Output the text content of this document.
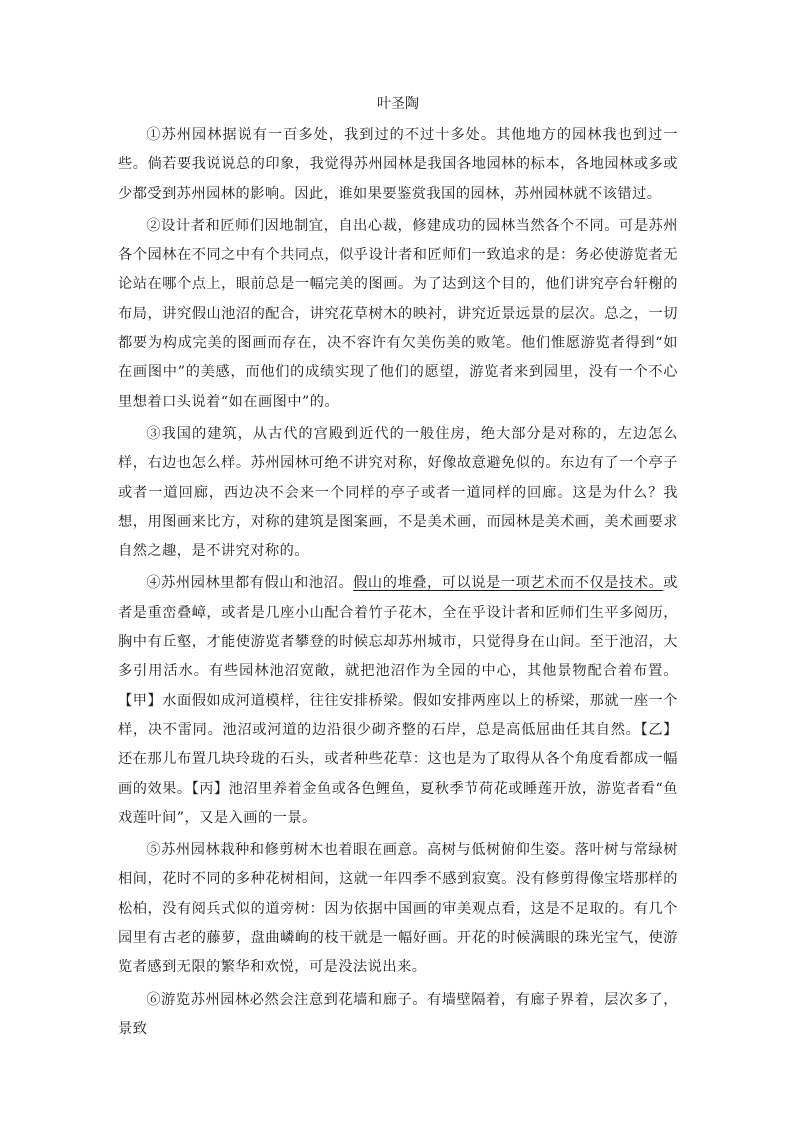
叶圣陶

①苏州园林据说有一百多处，我到过的不过十多处。其他地方的园林我也到过一些。倘若要我说说总的印象，我觉得苏州园林是我国各地园林的标本，各地园林或多或少都受到苏州园林的影响。因此，谁如果要鉴赏我国的园林，苏州园林就不该错过。

②设计者和匠师们因地制宜，自出心裁，修建成功的园林当然各个不同。可是苏州各个园林在不同之中有个共同点，似乎设计者和匠师们一致追求的是：务必使游览者无论站在哪个点上，眼前总是一幅完美的图画。为了达到这个目的，他们讲究亭台轩榭的布局，讲究假山池沼的配合，讲究花草树木的映衬，讲究近景远景的层次。总之，一切都要为构成完美的图画而存在，决不容许有欠美伤美的败笔。他们惟愿游览者得到“如在画图中”的美感，而他们的成绩实现了他们的愿望，游览者来到园里，没有一个不心里想着口头说着“如在画图中”的。

③我国的建筑，从古代的宫殿到近代的一般住房，绝大部分是对称的，左边怎么样，右边也怎么样。苏州园林可绝不讲究对称，好像故意避免似的。东边有了一个亭子或者一道回廊，西边决不会来一个同样的亭子或者一道同样的回廊。这是为什么？我想，用图画来比方，对称的建筑是图案画，不是美术画，而园林是美术画，美术画要求自然之趣，是不讲究对称的。

④苏州园林里都有假山和池沼。假山的堆叠，可以说是一项艺术而不仅是技术。或者是重峦叠嶂，或者是几座小山配合着竹子花木，全在乎设计者和匠师们生平多阅历，胸中有丘壑，才能使游览者攀登的时候忘却苏州城市，只觉得身在山间。至于池沼，大多引用活水。有些园林池沼宽敞，就把池沼作为全园的中心，其他景物配合着布置。【甲】水面假如成河道模样，往往安排桥梁。假如安排两座以上的桥梁，那就一座一个样，决不雷同。池沼或河道的边沿很少砌齐整的石岸，总是高低屈曲任其自然。【乙】还在那儿布置几块玲珑的石头，或者种些花草：这也是为了取得从各个角度看都成一幅画的效果。【丙】池沼里养着金鱼或各色鲤鱼，夏秋季节荷花或睡莲开放，游览者看“鱼戏莲叶间”，又是入画的一景。

⑤苏州园林栽种和修剪树木也着眼在画意。高树与低树俯仰生姿。落叶树与常绿树相间，花时不同的多种花树相间，这就一年四季不感到寂寞。没有修剪得像宝塔那样的松柏，没有阅兵式似的道旁树：因为依据中国画的审美观点看，这是不足取的。有几个园里有古老的藤萝，盘曲嶙峋的枝干就是一幅好画。开花的时候满眼的珠光宝气，使游览者感到无限的繁华和欢悦，可是没法说出来。

⑥游览苏州园林必然会注意到花墙和廊子。有墙壁隔着，有廊子界着，层次多了，景致
